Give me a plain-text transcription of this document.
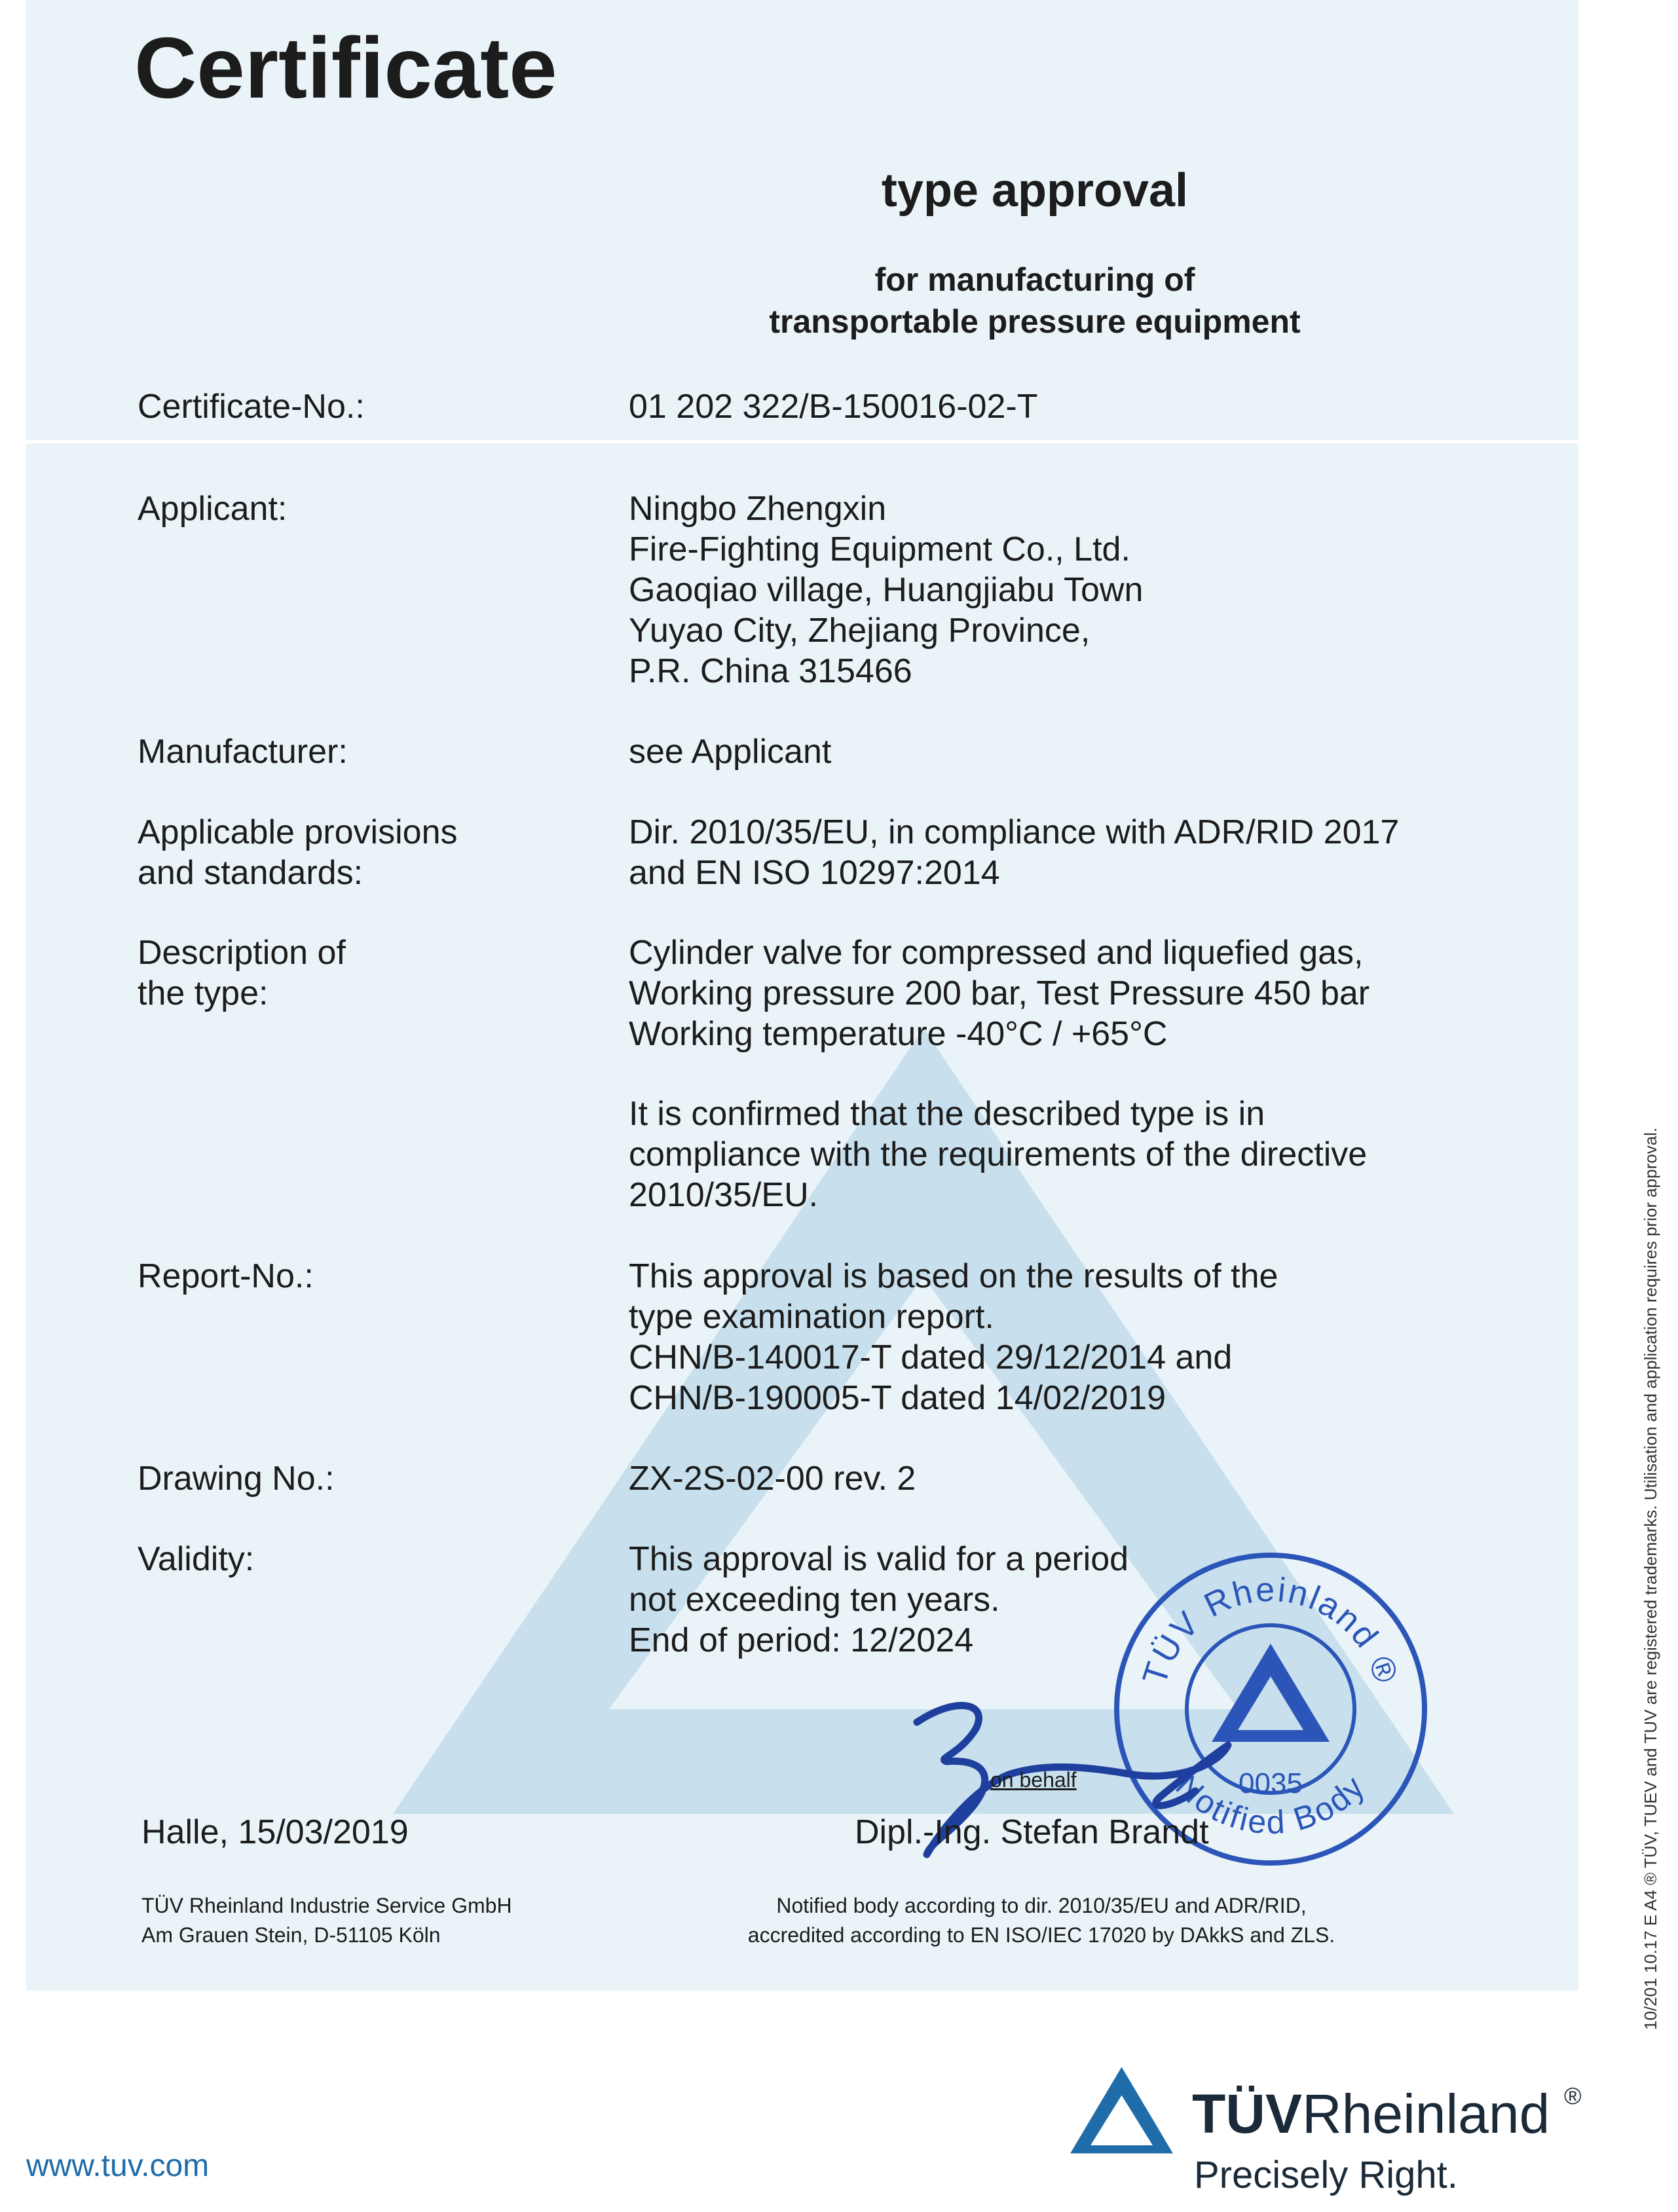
Certificate
type approval
for manufacturing of
transportable pressure equipment
Certificate-No.:	01 202 322/B-150016-02-T
Applicant:	Ningbo Zhengxin
Fire-Fighting Equipment Co., Ltd.
Gaoqiao village, Huangjiabu Town
Yuyao City, Zhejiang Province,
P.R. China 315466
Manufacturer:	see Applicant
Applicable provisions
and standards:
Dir. 2010/35/EU, in compliance with ADR/RID 2017
and EN ISO 10297:2014
Description of
the type:
Cylinder valve for compressed and liquefied gas,
Working pressure 200 bar, Test Pressure 450 bar
Working temperature -40°C / +65°C
It is confirmed that the described type is in
compliance with the requirements of the directive
2010/35/EU.
Report-No.:	This approval is based on the results of the
type examination report.
CHN/B-140017-T dated 29/12/2014 and
CHN/B-190005-T dated 14/02/2019
Drawing No.:	ZX-2S-02-00 rev. 2
Validity:	This approval is valid for a period
not exceeding ten years.
End of period: 12/2024
TÜV Rheinland ®
Notified Body
0035
on behalf
Halle, 15/03/2019	Dipl.-Ing. Stefan Brandt
TÜV Rheinland Industrie Service GmbH
Am Grauen Stein, D-51105 Köln
Notified body according to dir. 2010/35/EU and ADR/RID,
accredited according to EN ISO/IEC 17020 by DAkkS and ZLS.	10/201 10.17 E A4 ® TÜV, TUEV and TUV are registered trademarks. Utilisation and application requires prior approval.
www.tuv.com
TÜVRheinland ®
Precisely Right.
